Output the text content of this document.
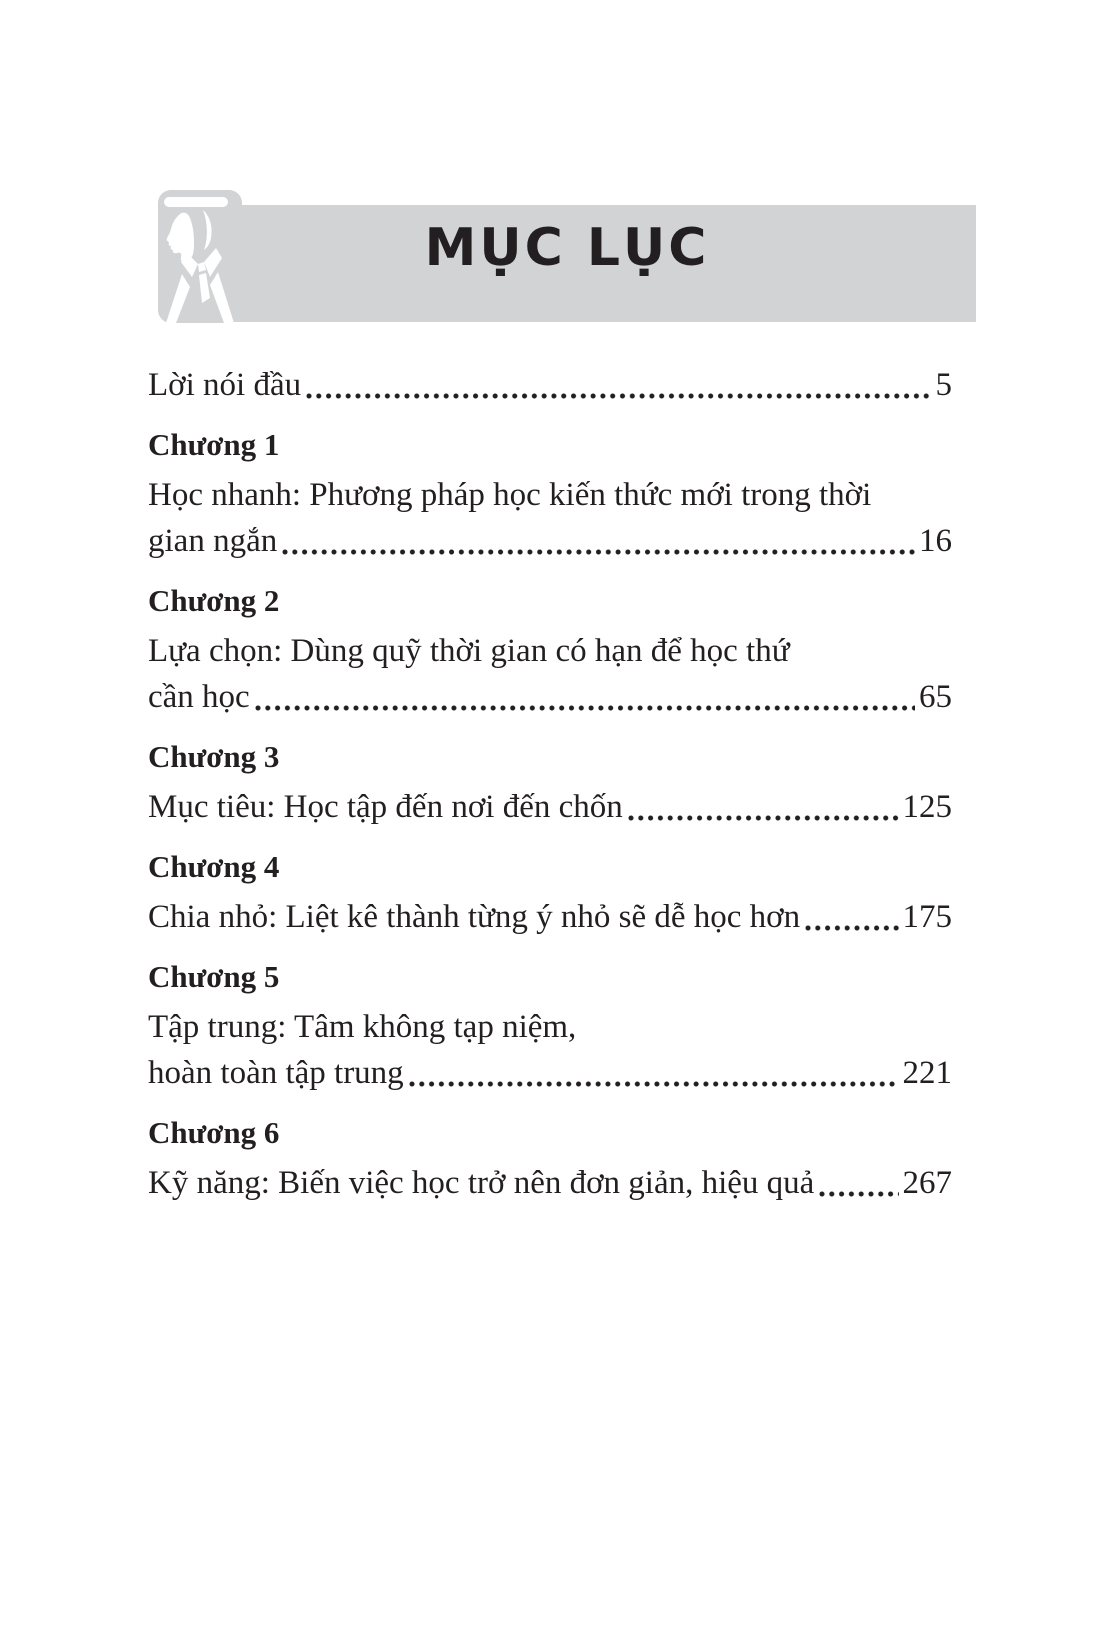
MỤC LỤC
Lời nói đầu	5
Chương 1
Học nhanh: Phương pháp học kiến thức mới trong thời
gian ngắn	16
Chương 2
Lựa chọn: Dùng quỹ thời gian có hạn để học thứ
cần học	65
Chương 3
Mục tiêu: Học tập đến nơi đến chốn	125
Chương 4
Chia nhỏ: Liệt kê thành từng ý nhỏ sẽ dễ học hơn	175
Chương 5
Tập trung: Tâm không tạp niệm,
hoàn toàn tập trung	221
Chương 6
Kỹ năng: Biến việc học trở nên đơn giản, hiệu quả	267
